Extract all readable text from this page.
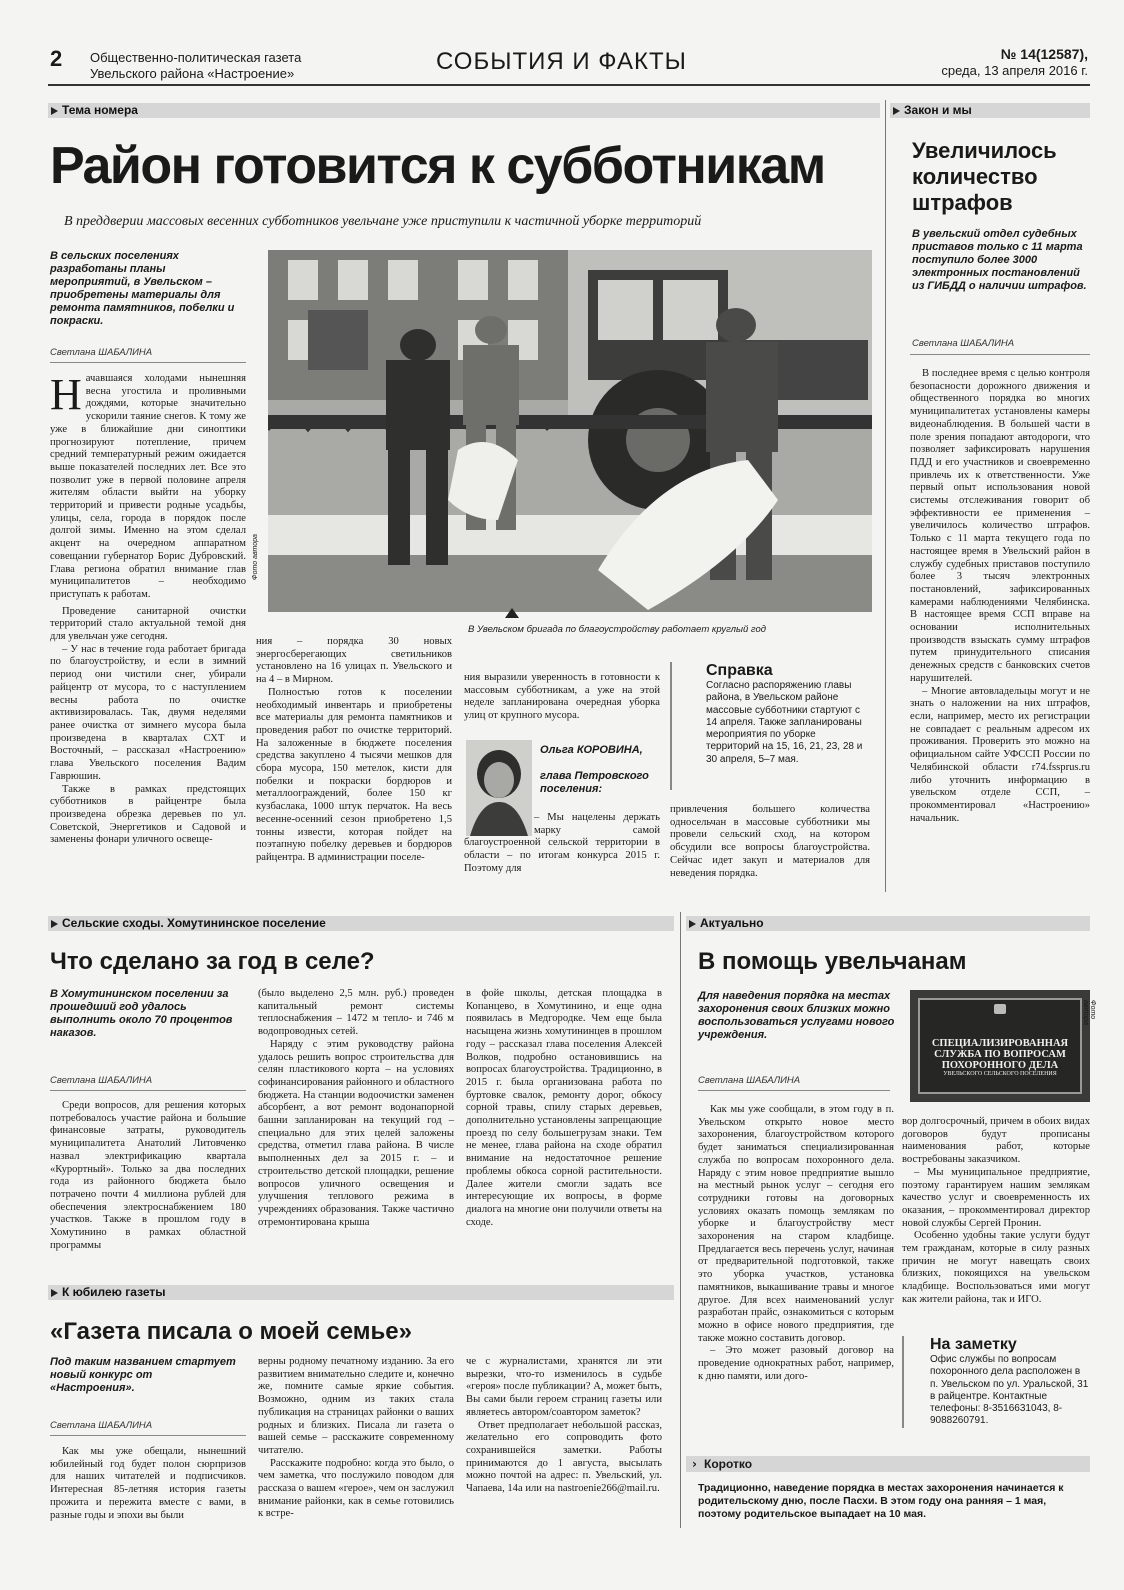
2 Общественно-политическая газета
Увельского района «Настроение»	СОБЫТИЯ И ФАКТЫ	№ 14(12587),
среда, 13 апреля 2016 г.
Тема номера
Район готовится к субботникам
В преддверии массовых весенних субботников увельчане уже приступили к частичной уборке территорий
В сельских поселениях разработаны планы мероприятий, в Увельском – приобретены материалы для ремонта памятников, побелки и покраски.
Светлана ШАБАЛИНА
Н ачавшаяся холодами нынешняя весна угостила и проливными дождями, которые значительно ускорили таяние снегов. К тому же уже в ближайшие дни синоптики прогнозируют потепление, причем средний температурный режим ожидается выше показателей последних лет. Все это позволит уже в первой половине апреля жителям области выйти на уборку территорий и привести родные усадьбы, улицы, села, города в порядок после долгой зимы. Именно на этом сделал акцент на очередном аппаратном совещании губернатор Борис Дубровский. Глава региона обратил внимание глав муниципалитетов – необходимо приступать к работам.

Проведение санитарной очистки территорий стало актуальной темой дня для увельчан уже сегодня.

– У нас в течение года работает бригада по благоустройству, и если в зимний период они чистили снег, убирали райцентр от мусора, то с наступлением весны работа по очистке активизировалась. Так, двумя неделями ранее очистка от зимнего мусора была произведена в кварталах СХТ и Восточный, – рассказал «Настроению» глава Увельского поселения Вадим Гаврюшин.

Также в рамках предстоящих субботников в райцентре была произведена обрезка деревьев по ул. Советской, Энергетиков и Садовой и заменены фонари уличного освеще-

Фото автора
В Увельском бригада по благоустройству работает круглый год
ния – порядка 30 новых энергосберегающих светильников установлено на 16 улицах п. Увельского и на 4 – в Мирном.

Полностью готов к поселении необходимый инвентарь и приобретены все материалы для ремонта памятников и проведения работ по очистке территорий. На заложенные в бюджете поселения средства закуплено 4 тысячи мешков для сбора мусора, 150 метелок, кисти для побелки и покраски бордюров и металлоограждений, более 150 кг кузбаслака, 1000 штук перчаток. На весь весенне-осенний сезон приобретено 1,5 тонны извести, которая пойдет на поэтапную побелку деревьев и бордюров райцентра. В администрации поселе-

ния выразили уверенность в готовности к массовым субботникам, а уже на этой неделе запланирована очередная уборка улиц от крупного мусора.
Ольга КОРОВИНА,
глава Петровского поселения:
– Мы нацелены держать марку самой благоустроенной сельской территории в области – по итогам конкурса 2015 г. Поэтому для
Справка
Согласно распоряжению главы района, в Увельском районе массовые субботники стартуют с 14 апреля. Также запланированы мероприятия по уборке территорий на 15, 16, 21, 23, 28 и 30 апреля, 5–7 мая.
привлечения большего количества односельчан в массовые субботники мы провели сельский сход, на котором обсудили все вопросы благоустройства. Сейчас идет закуп и материалов для неведения порядка.
Закон и мы
Увеличилось количество штрафов
В увельский отдел судебных приставов только с 11 марта поступило более 3000 электронных постановлений из ГИБДД о наличии штрафов.
Светлана ШАБАЛИНА

В последнее время с целью контроля безопасности дорожного движения и общественного порядка во многих муниципалитетах установлены камеры видеонаблюдения. В большей части в поле зрения попадают автодороги, что позволяет зафиксировать нарушения ПДД и его участников и своевременно привлечь их к ответственности. Уже первый опыт использования новой системы отслеживания говорит об эффективности ее применения – увеличилось количество штрафов. Только с 11 марта текущего года по настоящее время в Увельский район в службу судебных приставов поступило более 3 тысяч электронных постановлений, зафиксированных камерами наблюдениями Челябинска. В настоящее время ССП вправе на основании исполнительных производств взыскать сумму штрафов путем принудительного списания денежных средств с банковских счетов нарушителей.

– Многие автовладельцы могут и не знать о наложении на них штрафов, если, например, место их регистрации не совпадает с реальным адресом их проживания. Проверить это можно на официальном сайте УФССП России по Челябинской области r74.fssprus.ru либо уточнить информацию в увельском отделе ССП, – прокомментировал «Настроению» начальник.

Сельские сходы. Хомутининское поселение
Что сделано за год в селе?
В Хомутининском поселении за прошедший год удалось выполнить около 70 процентов наказов.
Светлана ШАБАЛИНА

Среди вопросов, для решения которых потребовалось участие района и большие финансовые затраты, руководитель муниципалитета Анатолий Литовченко назвал электрификацию квартала «Курортный». Только за два последних года из районного бюджета было потрачено почти 4 миллиона рублей для обеспечения электроснабжением 180 участков. Также в прошлом году в Хомутинино в рамках областной программы

(было выделено 2,5 млн. руб.) проведен капитальный ремонт системы теплоснабжения – 1472 м тепло- и 746 м водопроводных сетей.

Наряду с этим руководству района удалось решить вопрос строительства для селян пластикового корта – на условиях софинансирования районного и областного бюджета. На станции водоочистки заменен абсорбент, а вот ремонт водонапорной башни запланирован на текущий год – специально для этих целей заложены средства, отметил глава района. В числе выполненных дел за 2015 г. – и строительство детской площадки, решение вопросов уличного освещения и улучшения теплового режима в учреждениях образования. Также частично отремонтирована крыша

в фойе школы, детская площадка в Копанцево, в Хомутинино, и еще одна появилась в Медгородке. Чем еще была насыщена жизнь хомутининцев в прошлом году – рассказал глава поселения Алексей Волков, подробно остановившись на вопросах благоустройства. Традиционно, в 2015 г. была организована работа по буртовке свалок, ремонту дорог, обкосу сорной травы, спилу старых деревьев, дополнительно установлены запрещающие проезд по селу большегрузам знаки. Тем не менее, глава района на сходе обратил внимание на недостаточное решение проблемы обкоса сорной растительности. Далее жители смогли задать все интересующие их вопросы, в форме диалога на многие они получили ответы на сходе.
К юбилею газеты
«Газета писала о моей семье»
Под таким названием стартует новый конкурс от «Настроения».
Светлана ШАБАЛИНА

Как мы уже обещали, нынешний юбилейный год будет полон сюрпризов для наших читателей и подписчиков. Интересная 85-летняя история газеты прожита и пережита вместе с вами, в разные годы и эпохи вы были

верны родному печатному изданию. За его развитием внимательно следите и, конечно же, помните самые яркие события. Возможно, одним из таких стала публикация на страницах районки о ваших родных и близких. Писала ли газета о вашей семье – расскажите современному читателю.

Расскажите подробно: когда это было, о чем заметка, что послужило поводом для рассказа о вашем «герое», чем он заслужил внимание районки, как в семье готовились к встре-

че с журналистами, хранятся ли эти вырезки, что-то изменилось в судьбе «героя» после публикации? А, может быть, Вы сами были героем страниц газеты или являетесь автором/соавтором заметок?

Ответ предполагает небольшой рассказ, желательно его сопроводить фото сохранившейся заметки. Работы принимаются до 1 августа, высылать можно почтой на адрес: п. Увельский, ул. Чапаева, 14а или на nastroenie266@mail.ru.

Актуально
В помощь увельчанам
Для наведения порядка на местах захоронения своих близких можно воспользоваться услугами нового учреждения.
Светлана ШАБАЛИНА
СПЕЦИАЛИЗИРОВАННАЯ
СЛУЖБА ПО ВОПРОСАМ
ПОХОРОННОГО ДЕЛА
УВЕЛЬСКОГО СЕЛЬСКОГО ПОСЕЛЕНИЯ
Фото автора

Как мы уже сообщали, в этом году в п. Увельском открыто новое место захоронения, благоустройством которого будет заниматься специализированная служба по вопросам похоронного дела. Наряду с этим новое предприятие вышло на местный рынок услуг – сегодня его сотрудники готовы на договорных условиях оказать помощь землякам по уборке и благоустройству мест захоронения на старом кладбище. Предлагается весь перечень услуг, начиная от предварительной подготовкой, также это уборка участков, установка памятников, выкашивание травы и многое другое. Для всех наименований услуг разработан прайс, ознакомиться с которым можно в офисе нового предприятия, где также можно составить договор.

– Это может разовый договор на проведение однократных работ, например, к дню памяти, или дого-

вор долгосрочный, причем в обоих видах договоров будут прописаны наименования работ, которые востребованы заказчиком.

– Мы муниципальное предприятие, поэтому гарантируем нашим землякам качество услуг и своевременность их оказания, – прокомментировал директор новой службы Сергей Пронин.

Особенно удобны такие услуги будут тем гражданам, которые в силу разных причин не могут навещать своих близких, покоящихся на увельском кладбище. Воспользоваться ими могут как жители района, так и ИГО.

На заметку
Офис службы по вопросам похоронного дела расположен в п. Увельском по ул. Уральской, 31 в райцентре. Контактные телефоны: 8-3516631043, 8-9088260791.
› Коротко
Традиционно, наведение порядка в местах захоронения начинается к родительскому дню, после Пасхи. В этом году она ранняя – 1 мая, поэтому родительское выпадает на 10 мая.
